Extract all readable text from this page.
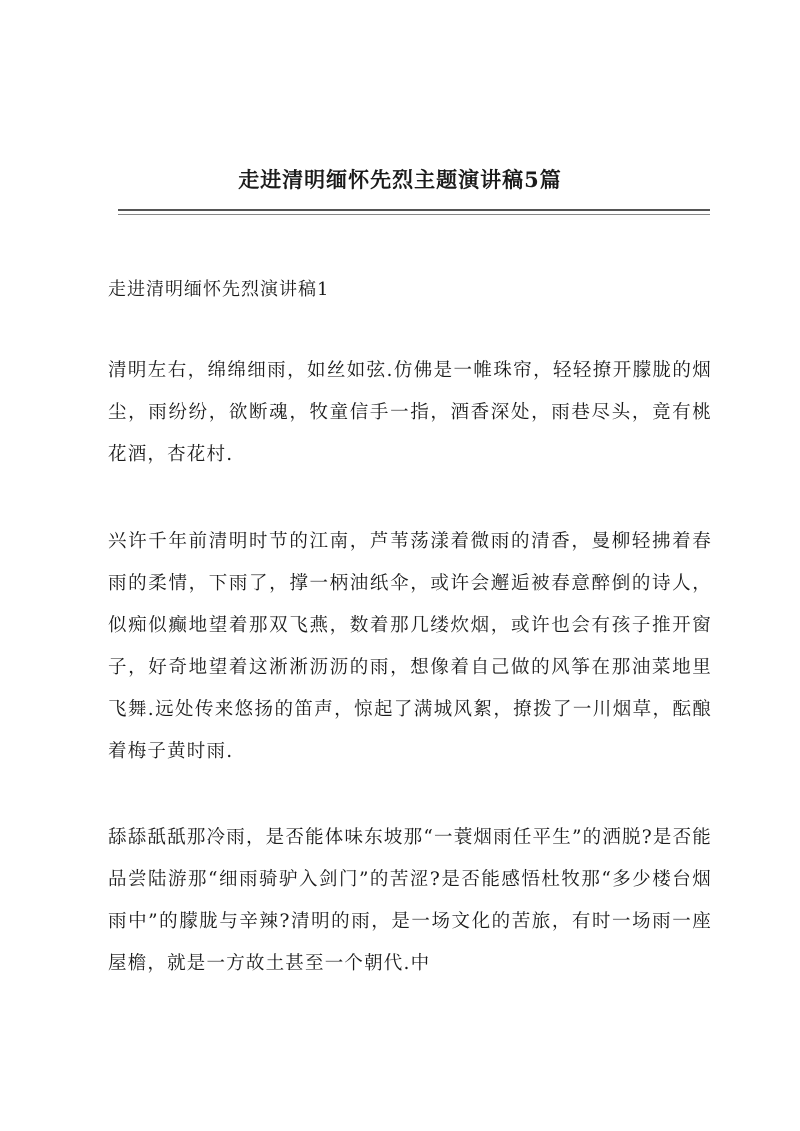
走进清明缅怀先烈主题演讲稿5篇
走进清明缅怀先烈演讲稿1

清明左右，绵绵细雨，如丝如弦.仿佛是一帷珠帘，轻轻撩开朦胧的烟尘，雨纷纷，欲断魂，牧童信手一指，酒香深处，雨巷尽头，竟有桃花酒，杏花村.

兴许千年前清明时节的江南，芦苇荡漾着微雨的清香，曼柳轻拂着春雨的柔情，下雨了，撑一柄油纸伞，或许会邂逅被春意醉倒的诗人，似痴似癫地望着那双飞燕，数着那几缕炊烟，或许也会有孩子推开窗子，好奇地望着这淅淅沥沥的雨，想像着自己做的风筝在那油菜地里飞舞.远处传来悠扬的笛声，惊起了满城风絮，撩拨了一川烟草，酝酿着梅子黄时雨.

舔舔舐舐那冷雨，是否能体味东坡那“一蓑烟雨任平生”的洒脱?是否能品尝陆游那“细雨骑驴入剑门”的苦涩?是否能感悟杜牧那“多少楼台烟雨中”的朦胧与辛辣?清明的雨，是一场文化的苦旅，有时一场雨一座屋檐，就是一方故土甚至一个朝代.中
